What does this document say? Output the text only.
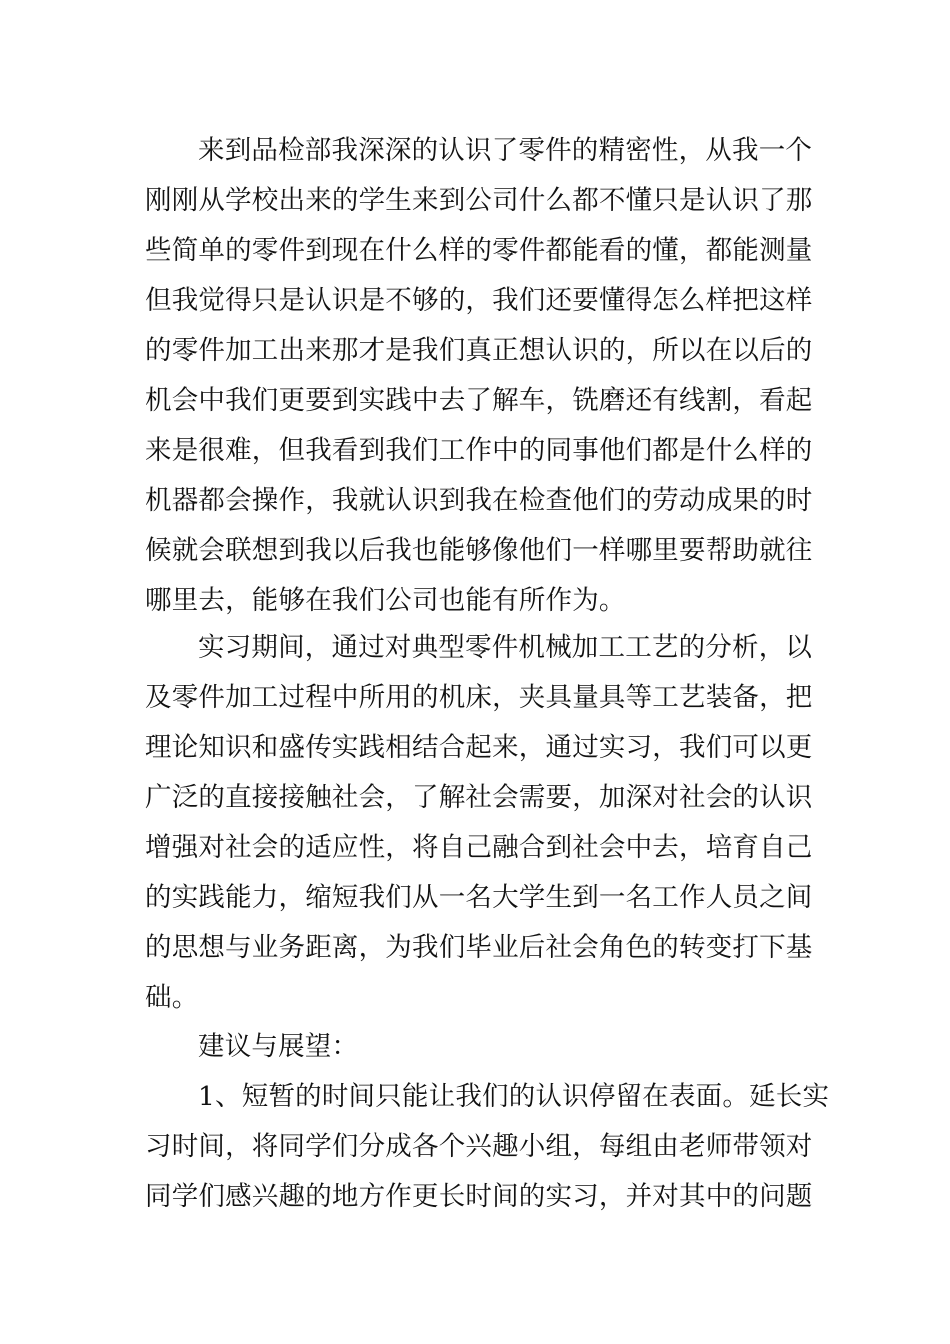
来到品检部我深深的认识了零件的精密性，从我一个
刚刚从学校出来的学生来到公司什么都不懂只是认识了那
些简单的零件到现在什么样的零件都能看的懂，都能测量
但我觉得只是认识是不够的，我们还要懂得怎么样把这样
的零件加工出来那才是我们真正想认识的，所以在以后的
机会中我们更要到实践中去了解车，铣磨还有线割，看起
来是很难，但我看到我们工作中的同事他们都是什么样的
机器都会操作，我就认识到我在检查他们的劳动成果的时
候就会联想到我以后我也能够像他们一样哪里要帮助就往
哪里去，能够在我们公司也能有所作为。
实习期间，通过对典型零件机械加工工艺的分析，以
及零件加工过程中所用的机床，夹具量具等工艺装备，把
理论知识和盛传实践相结合起来，通过实习，我们可以更
广泛的直接接触社会，了解社会需要，加深对社会的认识
增强对社会的适应性，将自己融合到社会中去，培育自己
的实践能力，缩短我们从一名大学生到一名工作人员之间
的思想与业务距离，为我们毕业后社会角色的转变打下基
础。
建议与展望：
1、短暂的时间只能让我们的认识停留在表面。延长实
习时间，将同学们分成各个兴趣小组，每组由老师带领对
同学们感兴趣的地方作更长时间的实习，并对其中的问题
